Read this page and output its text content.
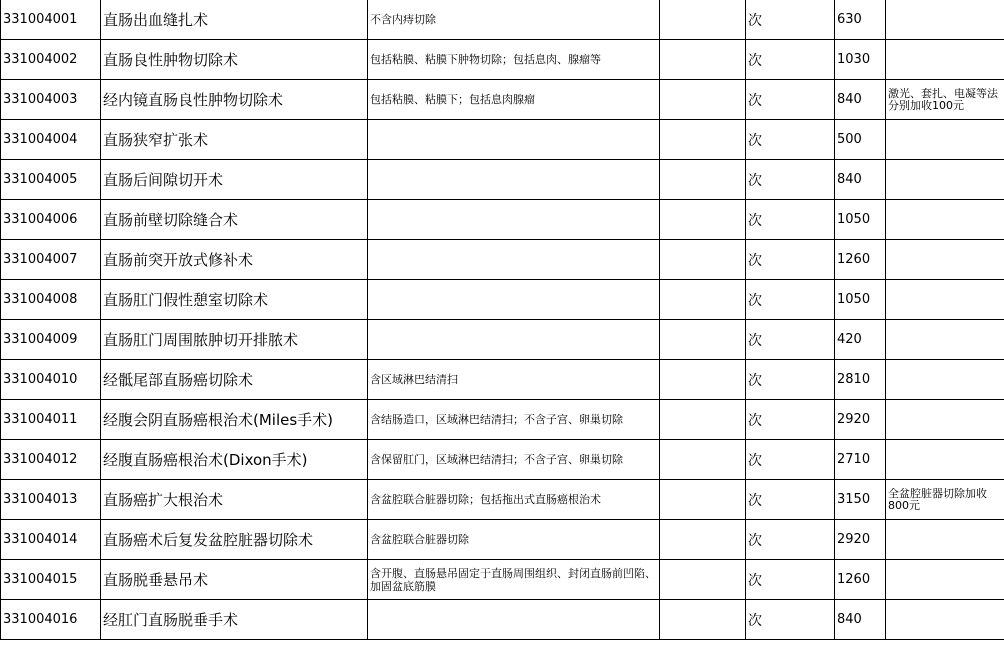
331004001	直肠出血缝扎术	不含内痔切除		次	630	

331004002	直肠良性肿物切除术	包括粘膜、粘膜下肿物切除；包括息肉、腺瘤等		次	1030	

331004003	经内镜直肠良性肿物切除术	包括粘膜、粘膜下；包括息肉腺瘤		次	840	激光、套扎、电凝等法分别加收100元

331004004	直肠狭窄扩张术			次	500	

331004005	直肠后间隙切开术			次	840	

331004006	直肠前壁切除缝合术			次	1050	

331004007	直肠前突开放式修补术			次	1260	

331004008	直肠肛门假性憩室切除术			次	1050	

331004009	直肠肛门周围脓肿切开排脓术			次	420	

331004010	经骶尾部直肠癌切除术	含区域淋巴结清扫		次	2810	

331004011	经腹会阴直肠癌根治术(Miles手术)	含结肠造口，区域淋巴结清扫；不含子宫、卵巢切除		次	2920	

331004012	经腹直肠癌根治术(Dixon手术)	含保留肛门，区域淋巴结清扫；不含子宫、卵巢切除		次	2710	

331004013	直肠癌扩大根治术	含盆腔联合脏器切除；包括拖出式直肠癌根治术		次	3150	全盆腔脏器切除加收800元

331004014	直肠癌术后复发盆腔脏器切除术	含盆腔联合脏器切除		次	2920	

331004015	直肠脱垂悬吊术	含开腹、直肠悬吊固定于直肠周围组织、封闭直肠前凹陷、加固盆底筋膜		次	1260	

331004016	经肛门直肠脱垂手术			次	840	
